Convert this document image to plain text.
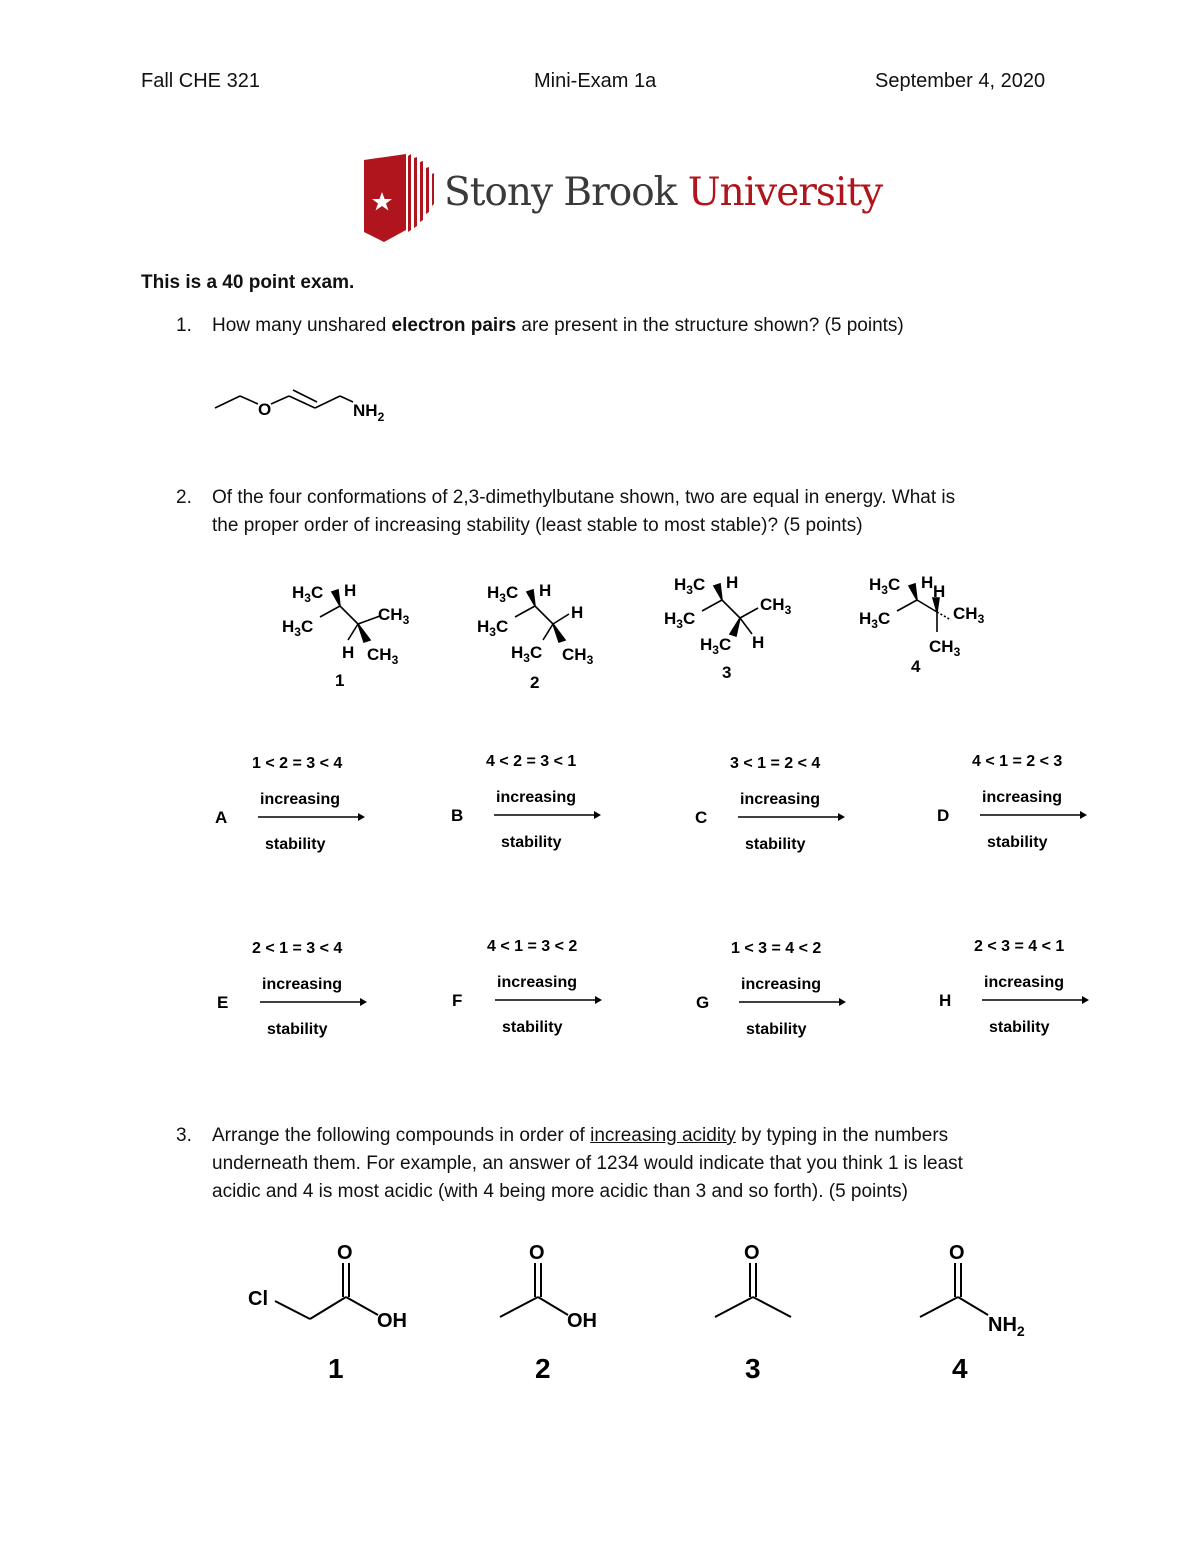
Fall CHE 321	Mini-Exam 1a	September 4, 2020
Stony Brook University
This is a 40 point exam.
1. How many unshared electron pairs are present in the structure shown? (5 points)
O	$NH_2$
2. Of the four conformations of 2,3-dimethylbutane shown, two are equal in energy. What is
the proper order of increasing stability (least stable to most stable)? (5 points)
$H_3C$ H
$H_3C$
$CH_3$
H $CH_3$
1
$H_3C$ H
$H_3C$
H
$H_3C$ $CH_3$
2
$H_3C$ H
$H_3C$
$CH_3$
$H_3C$ H
3
$H_3C$ H H
$H_3C$	$CH_3$
$CH_3$
4
1 < 2 = 3 < 4
A
increasing
stability
4 < 2 = 3 < 1
B
increasing
stability
3 < 1 = 2 < 4
C
increasing
stability
4 < 1 = 2 < 3
D
increasing
stability
2 < 1 = 3 < 4
E
increasing
stability
4 < 1 = 3 < 2
F
increasing
stability
1 < 3 = 4 < 2
G
increasing
stability
2 < 3 = 4 < 1
H
increasing
stability
3. Arrange the following compounds in order of increasing acidity by typing in the numbers
underneath them. For example, an answer of 1234 would indicate that you think 1 is least
acidic and 4 is most acidic (with 4 being more acidic than 3 and so forth). (5 points)
O
Cl
OH
1
O
OH
2
O
3
O
$NH_2$
4
